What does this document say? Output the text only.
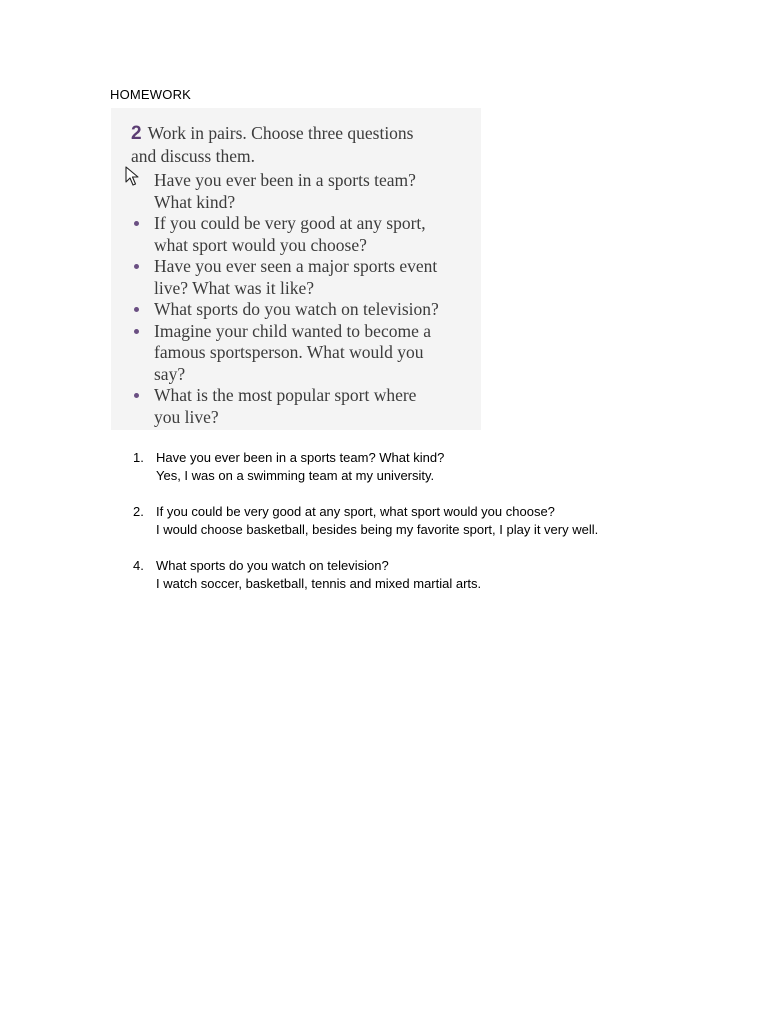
HOMEWORK
2 Work in pairs. Choose three questions
and discuss them.
Have you ever been in a sports team?
What kind?
If you could be very good at any sport,
what sport would you choose?
Have you ever seen a major sports event
live? What was it like?
What sports do you watch on television?
Imagine your child wanted to become a
famous sportsperson. What would you
say?
What is the most popular sport where
you live?
1. Have you ever been in a sports team? What kind?
Yes, I was on a swimming team at my university.
2. If you could be very good at any sport, what sport would you choose?
I would choose basketball, besides being my favorite sport, I play it very well.
4. What sports do you watch on television?
I watch soccer, basketball, tennis and mixed martial arts.
